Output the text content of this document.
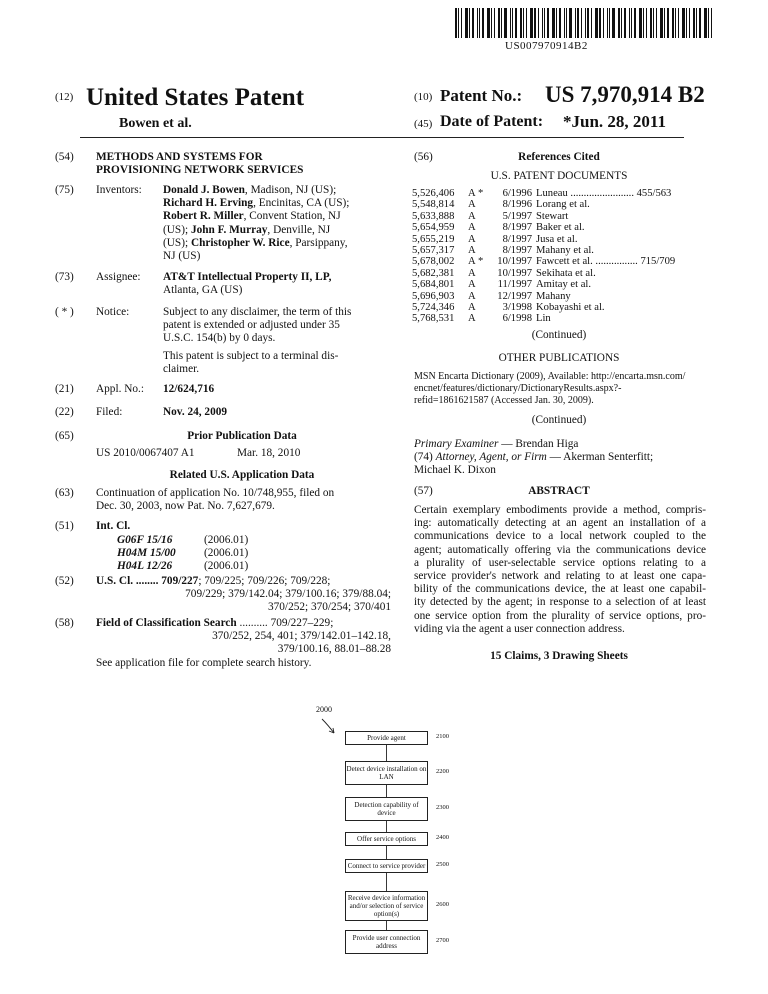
US007970914B2
(12) United States Patent
Bowen et al.
(10) Patent No.: US 7,970,914 B2
(45) Date of Patent: *Jun. 28, 2011
(54) METHODS AND SYSTEMS FOR
PROVISIONING NETWORK SERVICES
(75) Inventors: Donald J. Bowen, Madison, NJ (US);
Richard H. Erving, Encinitas, CA (US);
Robert R. Miller, Convent Station, NJ
(US); John F. Murray, Denville, NJ
(US); Christopher W. Rice, Parsippany,
NJ (US)
(73) Assignee: AT&T Intellectual Property II, LP,
Atlanta, GA (US)
( * ) Notice:	Subject to any disclaimer, the term of this
patent is extended or adjusted under 35
U.S.C. 154(b) by 0 days.
This patent is subject to a terminal dis-
claimer.
(21) Appl. No.: 12/624,716
(22) Filed:	Nov. 24, 2009
(65)	Prior Publication Data
US 2010/0067407 A1	Mar. 18, 2010
Related U.S. Application Data
(63) Continuation of application No. 10/748,955, filed on
Dec. 30, 2003, now Pat. No. 7,627,679.
(51) Int. Cl.
G06F 15/16	(2006.01)
H04M 15/00	(2006.01)
H04L 12/26	(2006.01)
(52) U.S. Cl. ........ 709/227; 709/225; 709/226; 709/228;
709/229; 379/142.04; 379/100.16; 379/88.04;
370/252; 370/254; 370/401
(58) Field of Classification Search .......... 709/227–229;
370/252, 254, 401; 379/142.01–142.18,
379/100.16, 88.01–88.28
See application file for complete search history.
(56)	References Cited
U.S. PATENT DOCUMENTS
5,526,406	A *	6/1996 Luneau ........................ 455/563
5,548,814	A	8/1996 Lorang et al.
5,633,888	A	5/1997 Stewart
5,654,959	A	8/1997 Baker et al.
5,655,219	A	8/1997 Jusa et al.
5,657,317	A	8/1997 Mahany et al.
5,678,002	A *	10/1997 Fawcett et al. ................ 715/709
5,682,381	A	10/1997 Sekihata et al.
5,684,801	A	11/1997 Amitay et al.
5,696,903	A	12/1997 Mahany
5,724,346	A	3/1998 Kobayashi et al.
5,768,531	A	6/1998 Lin
(Continued)
OTHER PUBLICATIONS
MSN Encarta Dictionary (2009), Available: http://encarta.msn.com/
encnet/features/dictionary/DictionaryResults.aspx?-
refid=1861621587 (Accessed Jan. 30, 2009).
(Continued)
Primary Examiner — Brendan Higa
(74) Attorney, Agent, or Firm — Akerman Senterfitt;
Michael K. Dixon
(57)	ABSTRACT
Certain exemplary embodiments provide a method, compris-
ing: automatically detecting at an agent an installation of a
communications device to a local network coupled to the
agent; automatically offering via the communications device
a plurality of user-selectable service options relating to a
service provider's network and relating to at least one capa-
bility of the communications device, the at least one capabil-
ity detected by the agent; in response to a selection of at least
one service option from the plurality of service options, pro-
viding via the agent a user connection address.
15 Claims, 3 Drawing Sheets
2000
Provide agent	2100
Detect device installation on LAN
2200
Detection capability of device
2300
Offer service options	2400
Connect to service provider	2500
Receive device information and/or selection of service option(s)
2600
Provide user connection address
2700
